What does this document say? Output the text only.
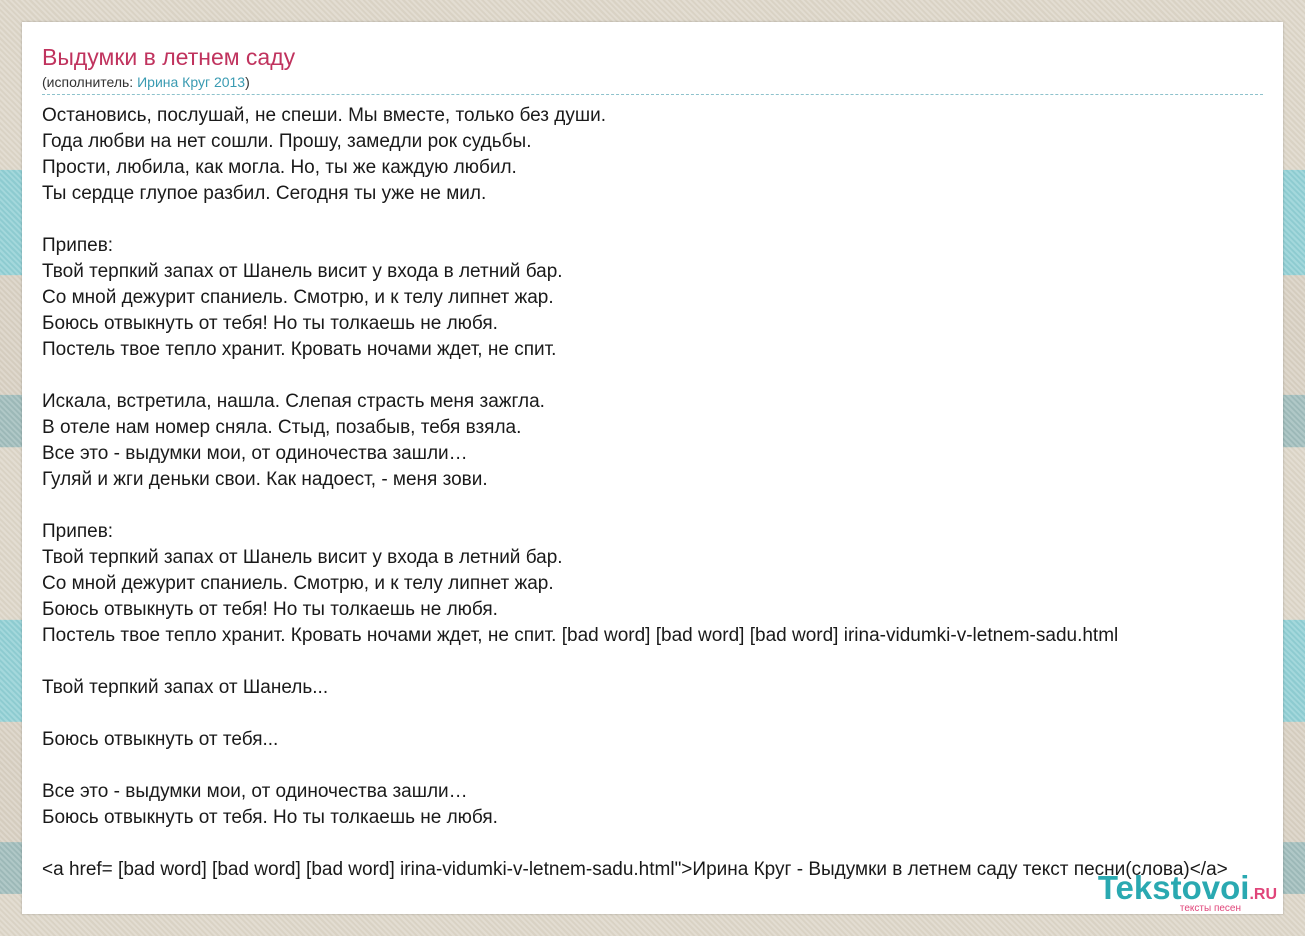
Выдумки в летнем саду
(исполнитель: Ирина Круг 2013)
Остановись, послушай, не спеши. Мы вместе, только без души.
Года любви на нет сошли. Прошу, замедли рок судьбы.
Прости, любила, как могла. Но, ты же каждую любил.
Ты сердце глупое разбил. Сегодня ты уже не мил.
Припев:
Твой терпкий запах от Шанель висит у входа в летний бар.
Со мной дежурит спаниель. Смотрю, и к телу липнет жар.
Боюсь отвыкнуть от тебя! Но ты толкаешь не любя.
Постель твое тепло хранит. Кровать ночами ждет, не спит.
Искала, встретила, нашла. Слепая страсть меня зажгла.
В отеле нам номер сняла. Стыд, позабыв, тебя взяла.
Все это - выдумки мои, от одиночества зашли…
Гуляй и жги деньки свои. Как надоест, - меня зови.
Припев:
Твой терпкий запах от Шанель висит у входа в летний бар.
Со мной дежурит спаниель. Смотрю, и к телу липнет жар.
Боюсь отвыкнуть от тебя! Но ты толкаешь не любя.
Постель твое тепло хранит. Кровать ночами ждет, не спит. [bad word] [bad word] [bad word] irina-vidumki-v-letnem-sadu.html
Твой терпкий запах от Шанель...
Боюсь отвыкнуть от тебя...
Все это - выдумки мои, от одиночества зашли…
Боюсь отвыкнуть от тебя. Но ты толкаешь не любя.
<a href= [bad word] [bad word] [bad word] irina-vidumki-v-letnem-sadu.html">Ирина Круг - Выдумки в летнем саду текст песни(слова)</a>
Tekstovoi.RU
тексты песен
